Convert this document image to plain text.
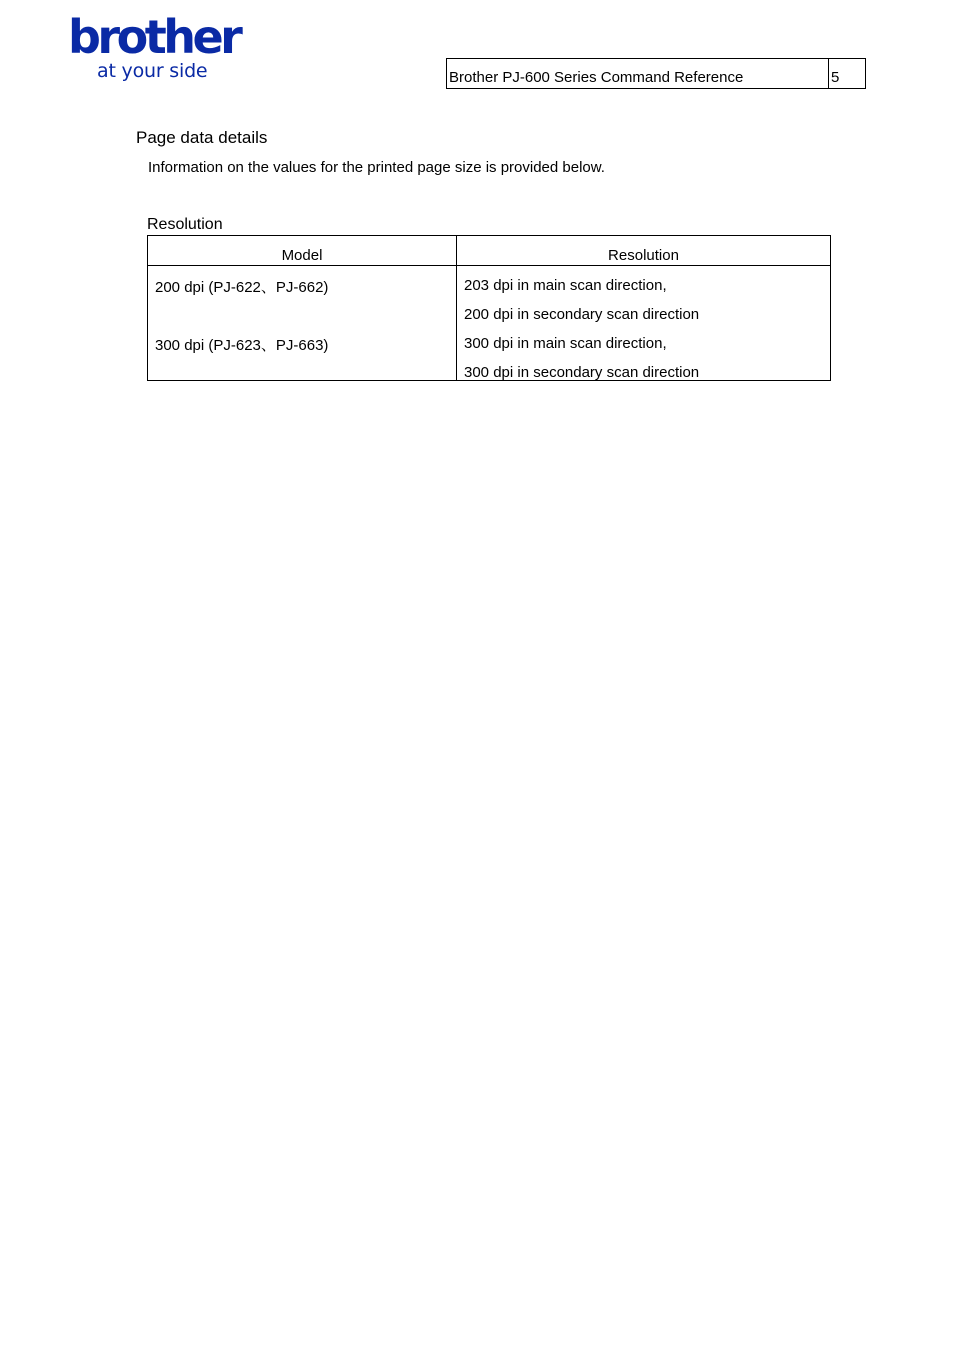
brother
at your side	Brother PJ-600 Series Command Reference	5
Page data details
Information on the values for the printed page size is provided below.
Resolution
Model	Resolution
200 dpi (PJ-622、PJ-662)	203 dpi in main scan direction,
200 dpi in secondary scan direction
300 dpi (PJ-623、PJ-663)	300 dpi in main scan direction,
300 dpi in secondary scan direction
